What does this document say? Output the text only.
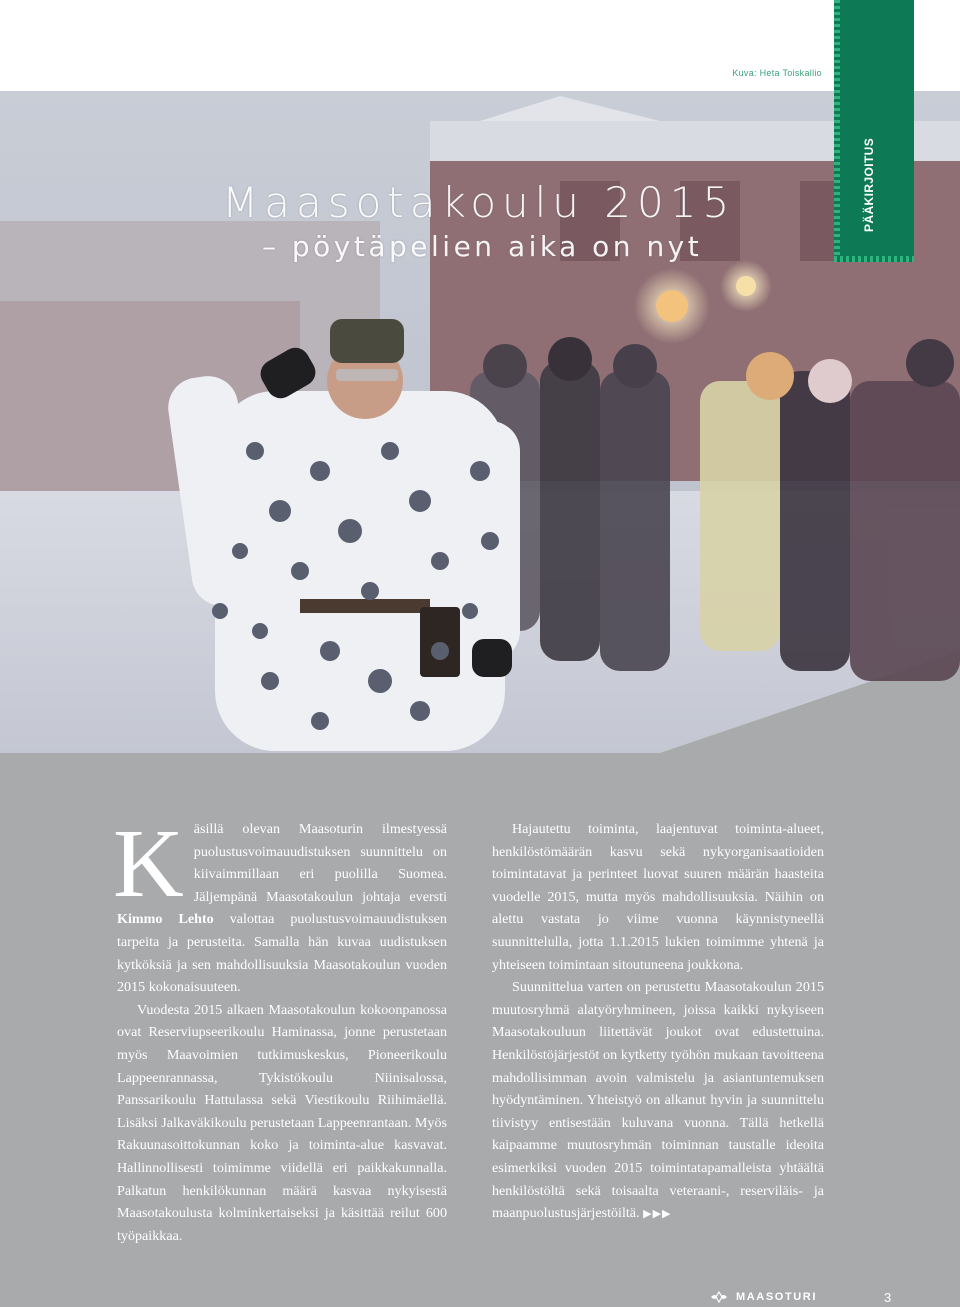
Kuva: Heta Toiskallio
PÄÄKIRJOITUS
Maasotakoulu 2015
– pöytäpelien aika on nyt

Käsillä olevan Maasoturin ilmestyessä puolustusvoimauudistuksen suunnittelu on kiivaimmillaan eri puolilla Suomea. Jäljempänä Maasotakoulun johtaja eversti Kimmo Lehto valottaa puolustusvoimauudistuksen tarpeita ja perusteita. Samalla hän kuvaa uudistuksen kytköksiä ja sen mahdollisuuksia Maasotakoulun vuoden 2015 kokonaisuuteen.

Vuodesta 2015 alkaen Maasotakoulun kokoonpanossa ovat Reserviupseerikoulu Haminassa, jonne perustetaan myös Maavoimien tutkimuskeskus, Pioneerikoulu Lappeenrannassa, Tykistökoulu Niinisalossa, Panssarikoulu Hattulassa sekä Viestikoulu Riihimäellä. Lisäksi Jalkaväkikoulu perustetaan Lappeenrantaan. Myös Rakuunasoittokunnan koko ja toiminta-alue kasvavat. Hallinnollisesti toimimme viidellä eri paikkakunnalla. Palkatun henkilökunnan määrä kasvaa nykyisestä Maasotakoulusta kolminkertaiseksi ja käsittää reilut 600 työpaikkaa.

Hajautettu toiminta, laajentuvat toiminta-alueet, henkilöstömäärän kasvu sekä nykyorganisaatioiden toimintatavat ja perinteet luovat suuren määrän haasteita vuodelle 2015, mutta myös mahdollisuuksia. Näihin on alettu vastata jo viime vuonna käynnistyneellä suunnittelulla, jotta 1.1.2015 lukien toimimme yhtenä ja yhteiseen toimintaan sitoutuneena joukkona.

Suunnittelua varten on perustettu Maasotakoulun 2015 muutosryhmä alatyöryhmineen, joissa kaikki nykyiseen Maasotakouluun liitettävät joukot ovat edustettuina. Henkilöstöjärjestöt on kytketty työhön mukaan tavoitteena mahdollisimman avoin valmistelu ja asiantuntemuksen hyödyntäminen. Yhteistyö on alkanut hyvin ja suunnittelu tiivistyy entisestään kuluvana vuonna. Tällä hetkellä kaipaamme muutosryhmän toiminnan taustalle ideoita esimerkiksi vuoden 2015 toimintatapamalleista yhtäältä henkilöstöltä sekä toisaalta veteraani-, reserviläis- ja maanpuolustusjärjestöiltä. ▶▶▶

MAASOTURI	3
